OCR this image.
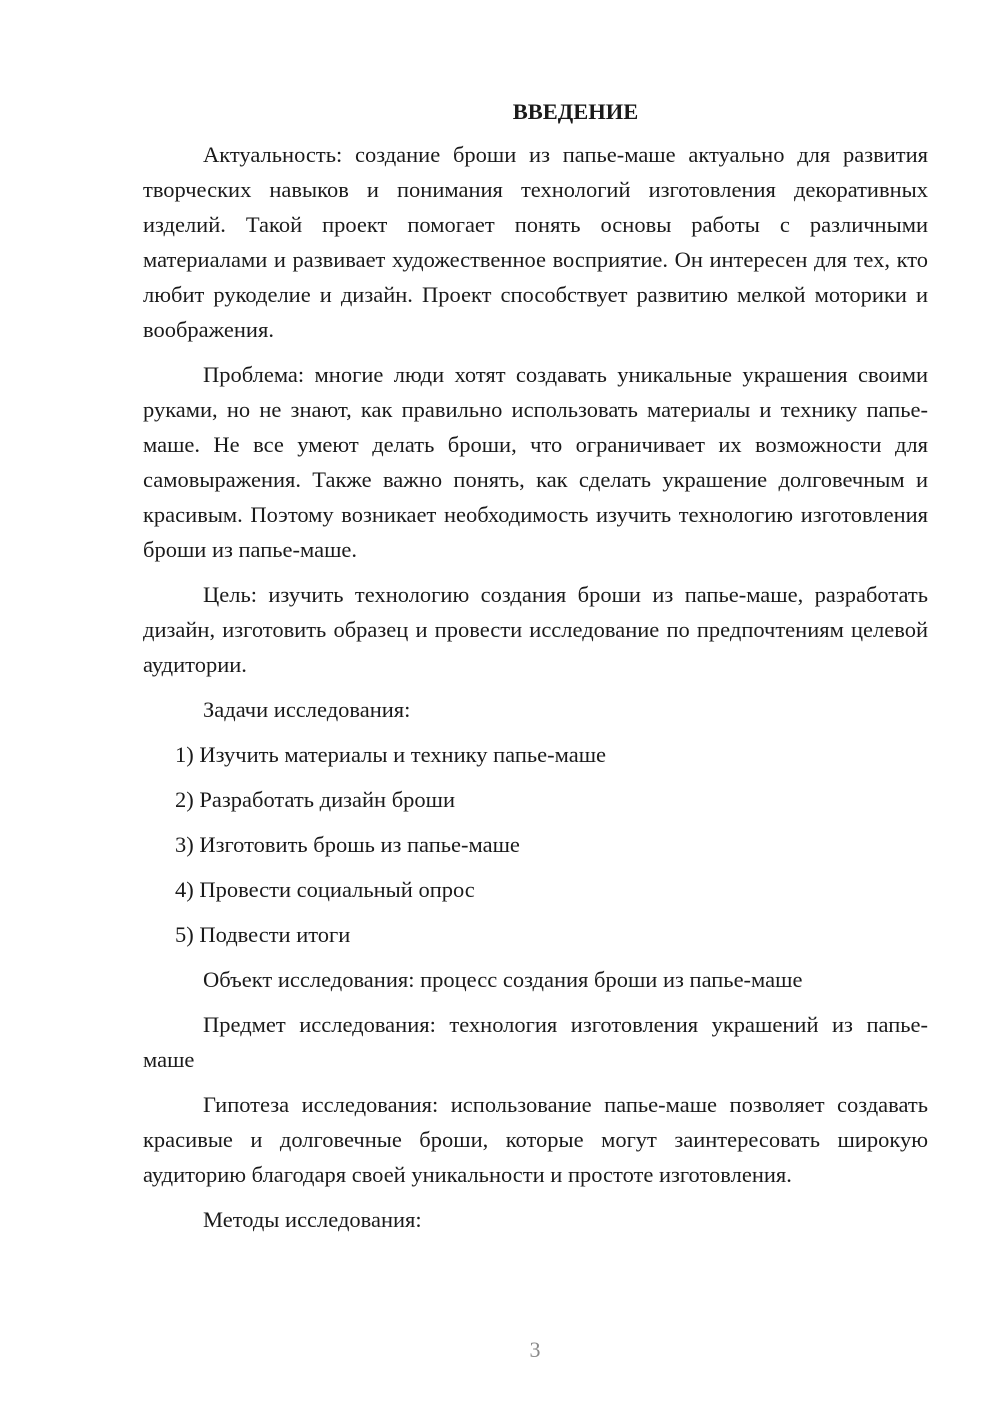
ВВЕДЕНИЕ

Актуальность: создание броши из папье-маше актуально для развития творческих навыков и понимания технологий изготовления декоративных изделий. Такой проект помогает понять основы работы с различными материалами и развивает художественное восприятие. Он интересен для тех, кто любит рукоделие и дизайн. Проект способствует развитию мелкой моторики и воображения.

Проблема: многие люди хотят создавать уникальные украшения своими руками, но не знают, как правильно использовать материалы и технику папье-маше. Не все умеют делать броши, что ограничивает их возможности для самовыражения. Также важно понять, как сделать украшение долговечным и красивым. Поэтому возникает необходимость изучить технологию изготовления броши из папье-маше.

Цель: изучить технологию создания броши из папье-маше, разработать дизайн, изготовить образец и провести исследование по предпочтениям целевой аудитории.

Задачи исследования:

1) Изучить материалы и технику папье-маше

2) Разработать дизайн броши

3) Изготовить брошь из папье-маше

4) Провести социальный опрос

5) Подвести итоги

Объект исследования: процесс создания броши из папье-маше

Предмет исследования: технология изготовления украшений из папье-маше

Гипотеза исследования: использование папье-маше позволяет создавать красивые и долговечные броши, которые могут заинтересовать широкую аудиторию благодаря своей уникальности и простоте изготовления.

Методы исследования:

3
